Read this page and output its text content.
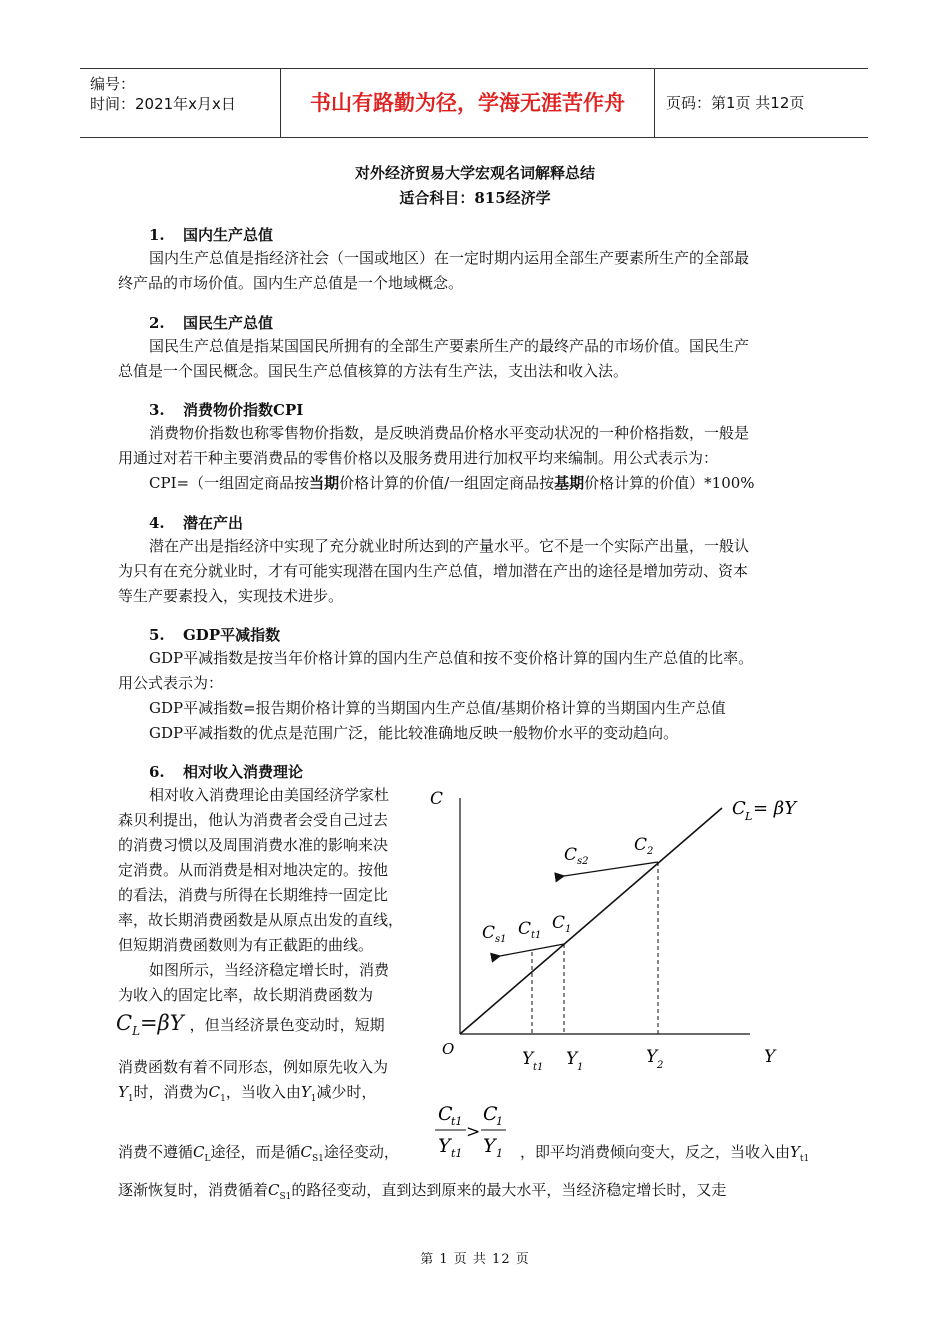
编号：
时间：2021年x月x日	书山有路勤为径，学海无涯苦作舟	页码：第1页 共12页
对外经济贸易大学宏观名词解释总结
适合科目：815经济学
1. 国内生产总值
国内生产总值是指经济社会（一国或地区）在一定时期内运用全部生产要素所生产的全部最
终产品的市场价值。国内生产总值是一个地域概念。
2. 国民生产总值
国民生产总值是指某国国民所拥有的全部生产要素所生产的最终产品的市场价值。国民生产
总值是一个国民概念。国民生产总值核算的方法有生产法，支出法和收入法。
3. 消费物价指数CPI
消费物价指数也称零售物价指数，是反映消费品价格水平变动状况的一种价格指数，一般是
用通过对若干种主要消费品的零售价格以及服务费用进行加权平均来编制。用公式表示为：
CPI=（一组固定商品按当期价格计算的价值/一组固定商品按基期价格计算的价值）*100%
4. 潜在产出
潜在产出是指经济中实现了充分就业时所达到的产量水平。它不是一个实际产出量，一般认
为只有在充分就业时，才有可能实现潜在国内生产总值，增加潜在产出的途径是增加劳动、资本
等生产要素投入，实现技术进步。
5. GDP平减指数
GDP平减指数是按当年价格计算的国内生产总值和按不变价格计算的国内生产总值的比率。
用公式表示为：
GDP平减指数=报告期价格计算的当期国内生产总值/基期价格计算的当期国内生产总值
GDP平减指数的优点是范围广泛，能比较准确地反映一般物价水平的变动趋向。
6. 相对收入消费理论
相对收入消费理论由美国经济学家杜
森贝利提出，他认为消费者会受自己过去
的消费习惯以及周围消费水准的影响来决
定消费。从而消费是相对地决定的。按他
的看法，消费与所得在长期维持一固定比
率，故长期消费函数是从原点出发的直线，
但短期消费函数则为有正截距的曲线。
如图所示，当经济稳定增长时，消费
为收入的固定比率，故长期消费函数为
$C_L=\beta Y$ ，但当经济景色变动时，短期
消费函数有着不同形态，例如原先收入为
$Y_1$时，消费为$C_1$，当收入由$Y_1$减少时，
C
t1
Y t1
>
C
1
Y 1
消费不遵循$C_L$途径，而是循$C_{S1}$途径变动，	，即平均消费倾向变大，反之，当收入由$Y_{t1}$
逐渐恢复时，消费循着$C_{S1}$的路径变动，直到达到原来的最大水平，当经济稳定增长时，又走
C
Y
O
C L = βY
C s2
C 2
C s1
C t1
C 1
Y t1 Y 1
Y 2
第 1 页 共 12 页
